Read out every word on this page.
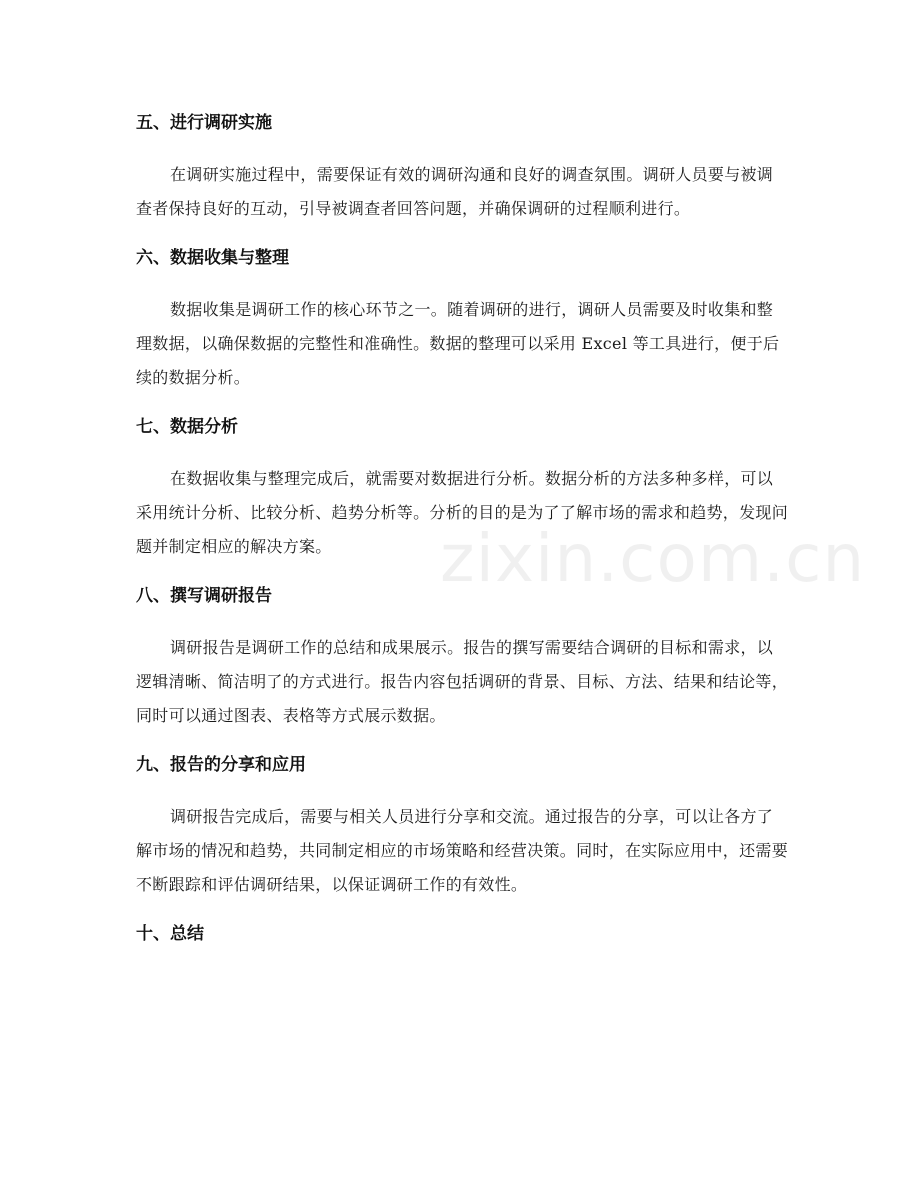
五、进行调研实施

在调研实施过程中，需要保证有效的调研沟通和良好的调查氛围。调研人员要与被调查者保持良好的互动，引导被调查者回答问题，并确保调研的过程顺利进行。

六、数据收集与整理

数据收集是调研工作的核心环节之一。随着调研的进行，调研人员需要及时收集和整理数据，以确保数据的完整性和准确性。数据的整理可以采用 Excel 等工具进行，便于后续的数据分析。

七、数据分析

在数据收集与整理完成后，就需要对数据进行分析。数据分析的方法多种多样，可以采用统计分析、比较分析、趋势分析等。分析的目的是为了了解市场的需求和趋势，发现问题并制定相应的解决方案。

八、撰写调研报告

调研报告是调研工作的总结和成果展示。报告的撰写需要结合调研的目标和需求，以逻辑清晰、简洁明了的方式进行。报告内容包括调研的背景、目标、方法、结果和结论等，同时可以通过图表、表格等方式展示数据。

九、报告的分享和应用

调研报告完成后，需要与相关人员进行分享和交流。通过报告的分享，可以让各方了解市场的情况和趋势，共同制定相应的市场策略和经营决策。同时，在实际应用中，还需要不断跟踪和评估调研结果，以保证调研工作的有效性。

十、总结
zixin.com.cn
